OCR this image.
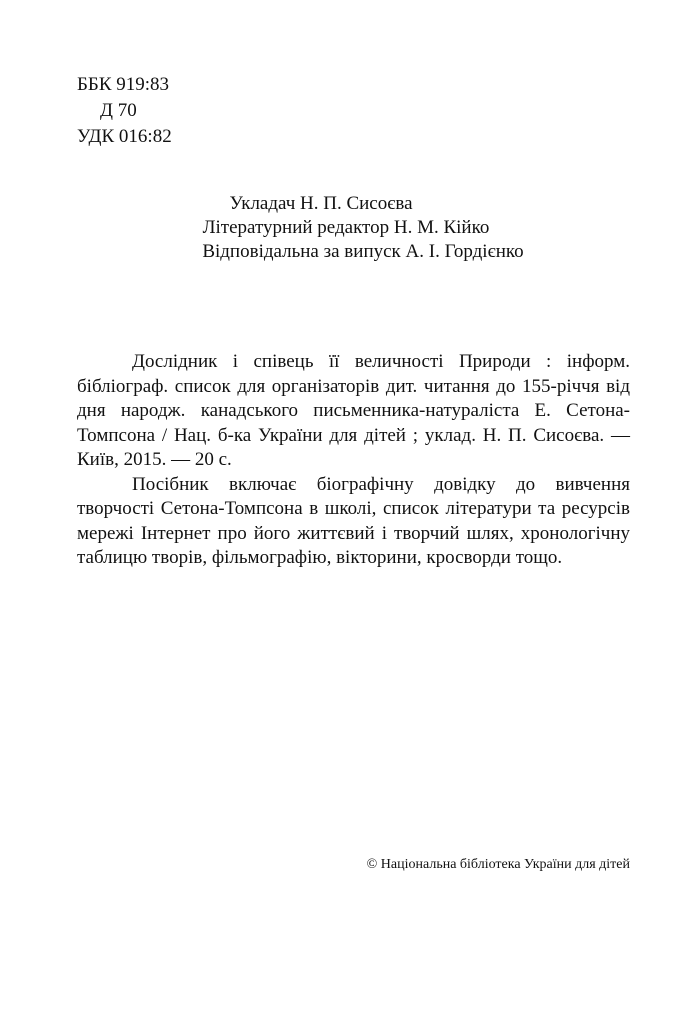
ББК 919:83
Д 70
УДК 016:82
Укладач Н. П. Сисоєва
Літературний редактор Н. М. Кійко
Відповідальна за випуск А. І. Гордієнко

Дослідник і співець її величності Природи : інформ. бібліограф. список для організаторів дит. читання до 155-річчя від дня народж. канадського письменника-натураліста Е. Сетона-Томпсона / Нац. б-ка України для дітей ; уклад. Н. П. Сисоєва. — Київ, 2015. — 20 с.

Посібник включає біографічну довідку до вивчення творчості Сетона-Томпсона в школі, список літератури та ресурсів мережі Інтернет про його життєвий і творчий шлях, хронологічну таблицю творів, фільмографію, вікторини, кросворди тощо.

© Національна бібліотека України для дітей
